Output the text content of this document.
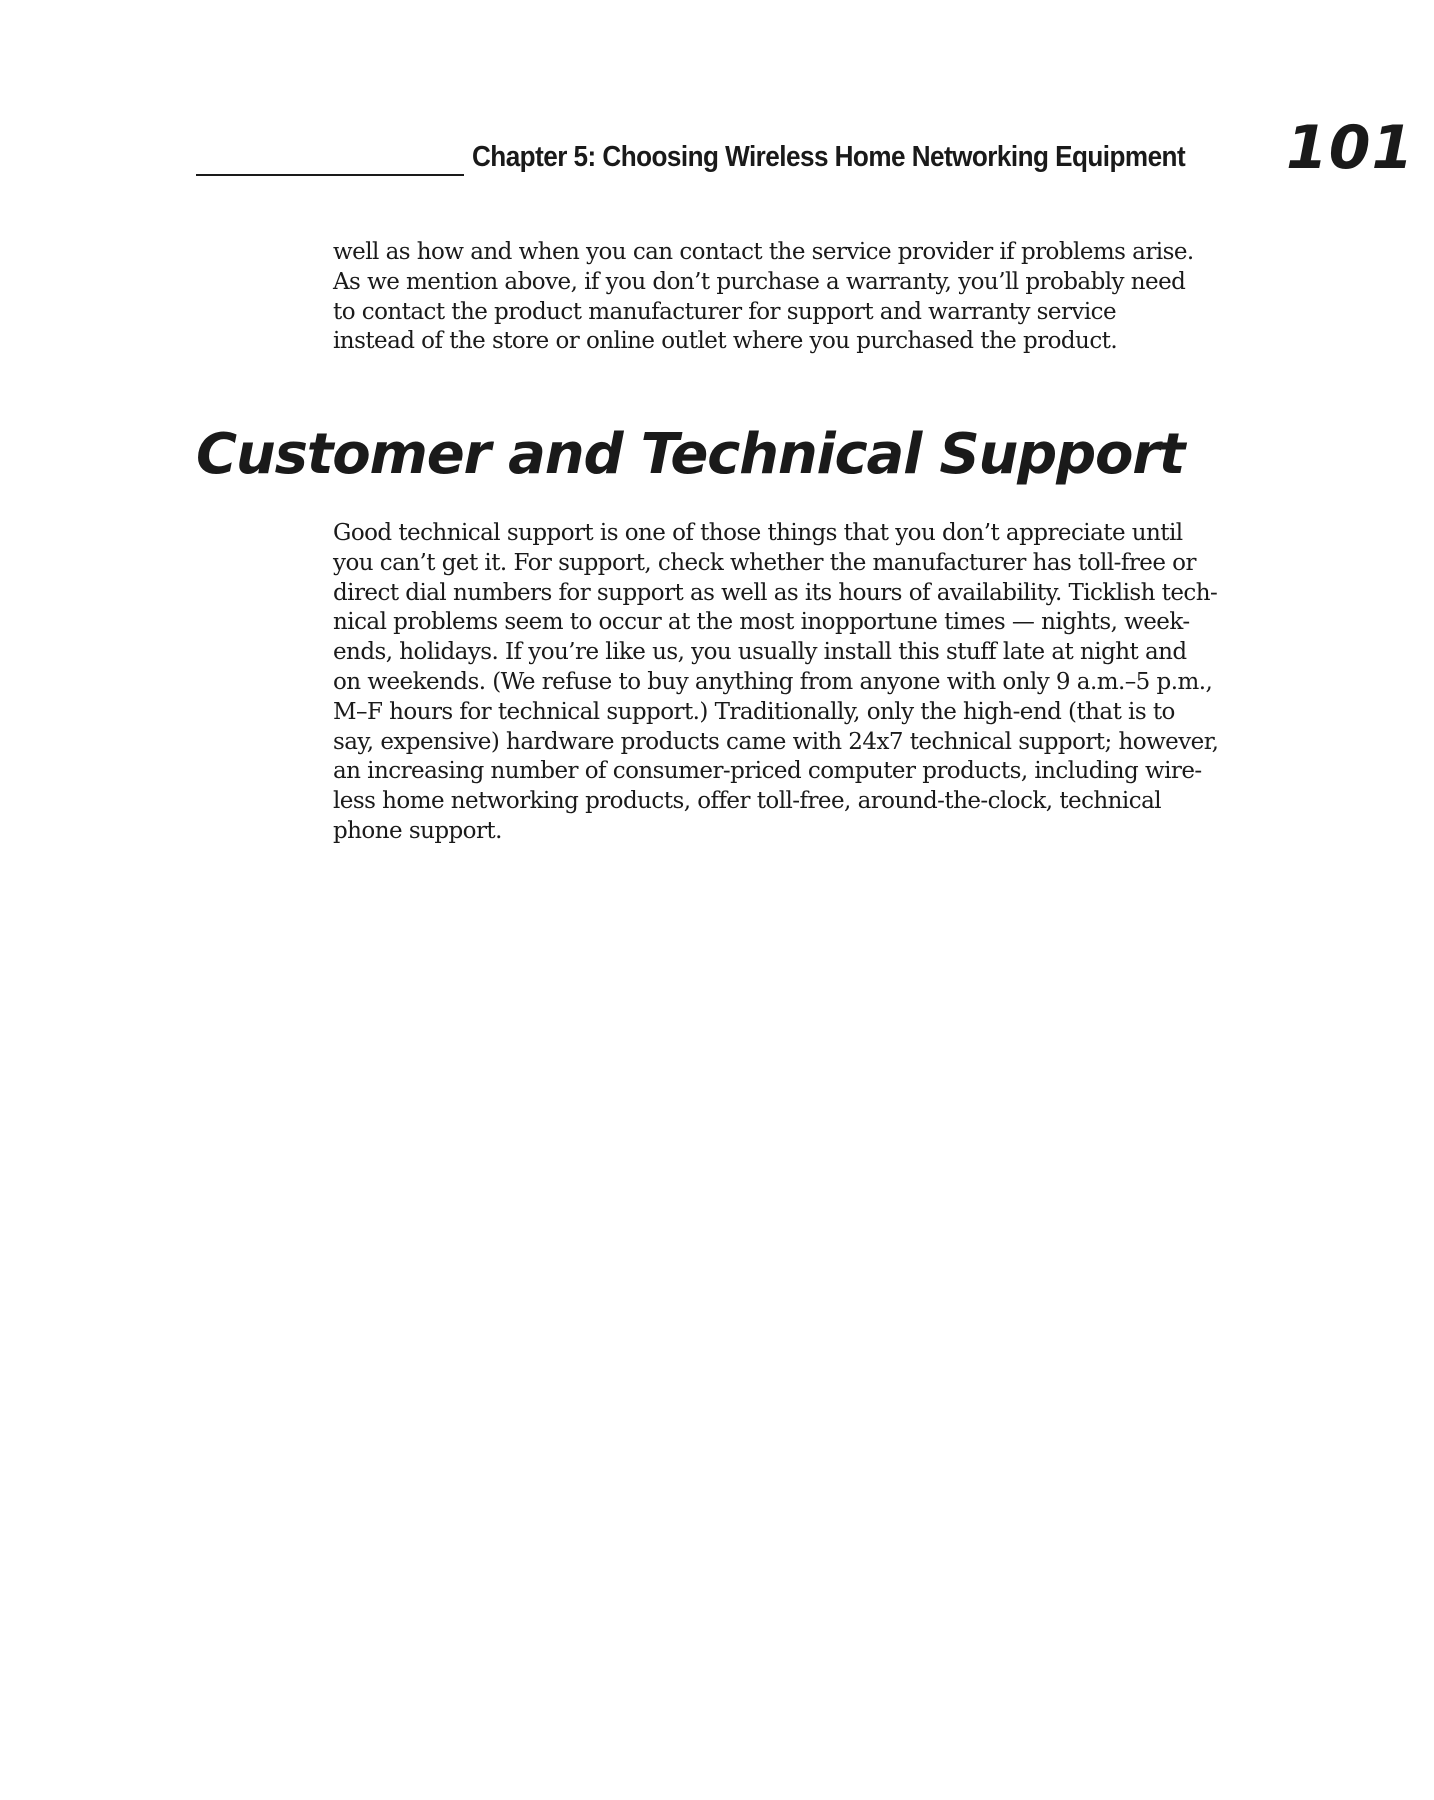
Chapter 5: Choosing Wireless Home Networking Equipment 101

well as how and when you can contact the service provider if problems arise.
As we mention above, if you don’t purchase a warranty, you’ll probably need
to contact the product manufacturer for support and warranty service
instead of the store or online outlet where you purchased the product.

Customer and Technical Support

Good technical support is one of those things that you don’t appreciate until
you can’t get it. For support, check whether the manufacturer has toll-free or
direct dial numbers for support as well as its hours of availability. Ticklish tech-
nical problems seem to occur at the most inopportune times — nights, week-
ends, holidays. If you’re like us, you usually install this stuff late at night and
on weekends. (We refuse to buy anything from anyone with only 9 a.m.–5 p.m.,
M–F hours for technical support.) Traditionally, only the high-end (that is to
say, expensive) hardware products came with 24x7 technical support; however,
an increasing number of consumer-priced computer products, including wire-
less home networking products, offer toll-free, around-the-clock, technical
phone support.
